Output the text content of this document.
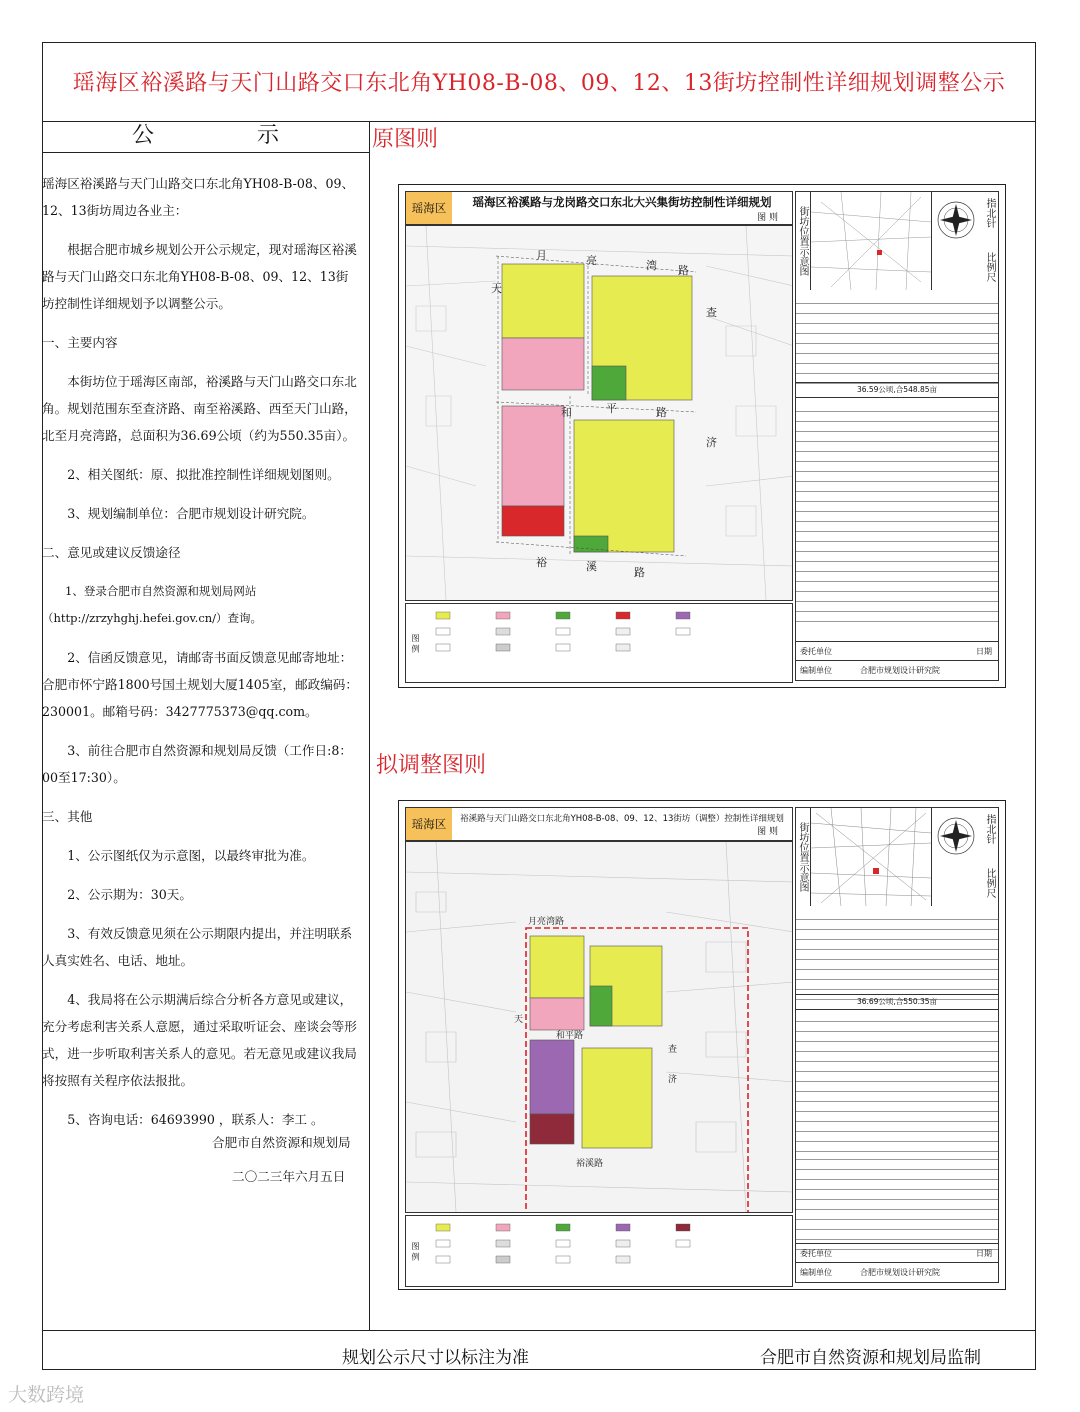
瑶海区裕溪路与天门山路交口东北角YH08-B-08、09、12、13街坊控制性详细规划调整公示
公 示

瑶海区裕溪路与天门山路交口东北角YH08-B-08、09、12、13街坊周边各业主：

根据合肥市城乡规划公开公示规定，现对瑶海区裕溪路与天门山路交口东北角YH08-B-08、09、12、13街坊控制性详细规划予以调整公示。

一、主要内容

本街坊位于瑶海区南部，裕溪路与天门山路交口东北角。规划范围东至查济路、南至裕溪路、西至天门山路，北至月亮湾路，总面积为36.69公顷（约为550.35亩）。

2、相关图纸：原、拟批准控制性详细规划图则。

3、规划编制单位：合肥市规划设计研究院。

二、意见或建议反馈途径

1、登录合肥市自然资源和规划局网站（http://zrzyhghj.hefei.gov.cn/）查询。

2、信函反馈意见，请邮寄书面反馈意见邮寄地址：合肥市怀宁路1800号国土规划大厦1405室，邮政编码：230001。邮箱号码：3427775373@qq.com。

3、前往合肥市自然资源和规划局反馈（工作日:8：00至17:30）。

三、其他

1、公示图纸仅为示意图，以最终审批为准。

2、公示期为：30天。

3、有效反馈意见须在公示期限内提出，并注明联系人真实姓名、电话、地址。

4、我局将在公示期满后综合分析各方意见或建议，充分考虑利害关系人意愿，通过采取听证会、座谈会等形式，进一步听取利害关系人的意见。若无意见或建议我局将按照有关程序依法报批。

5、咨询电话：64693990 ，联系人：李工 。

合肥市自然资源和规划局
二〇二三年六月五日
原图则
拟调整图则
瑶海区	瑶海区裕溪路与龙岗路交口东北大兴集街坊控制性详细规划
图 则
月	亮	湾 路
天
和	平	路
裕	溪	路
查
济
图 例
街坊位置示意图	指北针
比例尺
36.59公顷,合548.85亩
委托单位	日期
编制单位	合肥市规划设计研究院
瑶海区	裕溪路与天门山路交口东北角YH08-B-08、09、12、13街坊（调整）控制性详细规划
图 则
月亮湾路
和平路
裕溪路
查
济
天
图 例
街坊位置示意图	指北针
比例尺
36.69公顷,合550.35亩
委托单位	日期
编制单位	合肥市规划设计研究院
规划公示尺寸以标注为准	合肥市自然资源和规划局监制
大数跨境
